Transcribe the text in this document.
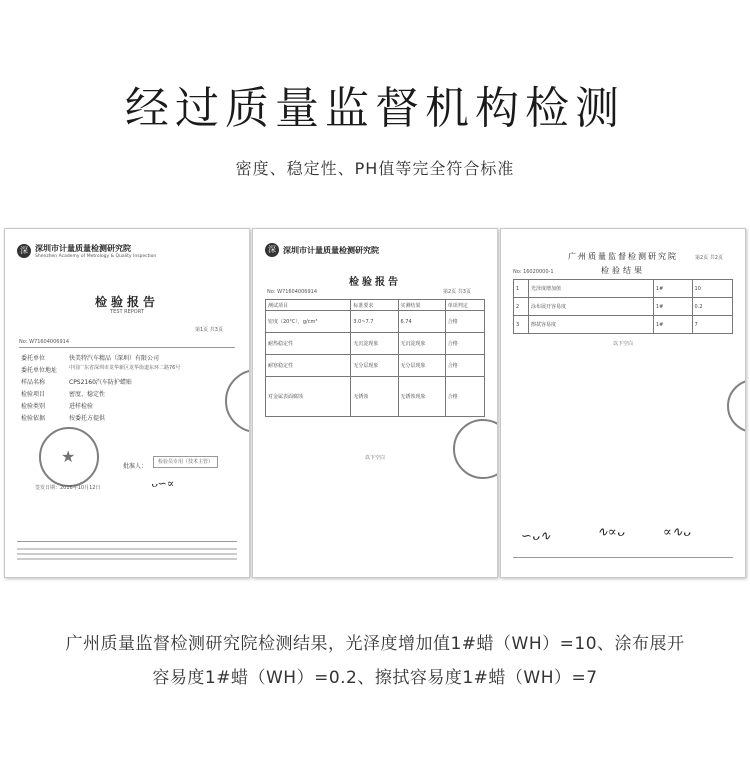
经过质量监督机构检测
密度、稳定性、PH值等完全符合标准
深 深圳市计量质量检测研究院
Shenzhen Academy of Metrology & Quality Inspection
检验报告
TEST REPORT
第1页 共3页
No: W71604006914
委托单位	快美特汽车精品（深圳）有限公司
委托单位地址	中国广东省深圳市龙华新区龙华街道东环二路76号
样品名称	CPS2160汽车防护蜡贴
检验项目	密度、稳定性
检验类别	进样检验
检验依据	按委托方提供
★
批准人：
检验员专用（技术主管）
签发日期：2016年10月12日	ᴗ∽∝
深 深圳市计量质量检测研究院
检验报告
No: W71604006914	第2页 共3页
测试项目	标准要求	实测结果	单项判定
密度（20°C），g/cm³	3.0~7.7	6.74	合格
耐热稳定性	无沉淀现象	无沉淀现象	合格
耐寒稳定性	无分层现象	无分层现象	合格
对金属表面腐蚀	无锈蚀	无锈蚀现象	合格
以下空白
广州质量监督检测研究院
检验结果
No: 16020000-1
第2页 共2页
1	光泽度增加值	1#	10
2	涂布展开容易度	1#	0.2
3	擦拭容易度	1#	7
以下空白
∽ᴗ∿	∿∝ᴗ	∝∿ᴗ
广州质量监督检测研究院检测结果，光泽度增加值1#蜡（WH）=10、涂布展开
容易度1#蜡（WH）=0.2、擦拭容易度1#蜡（WH）=7
